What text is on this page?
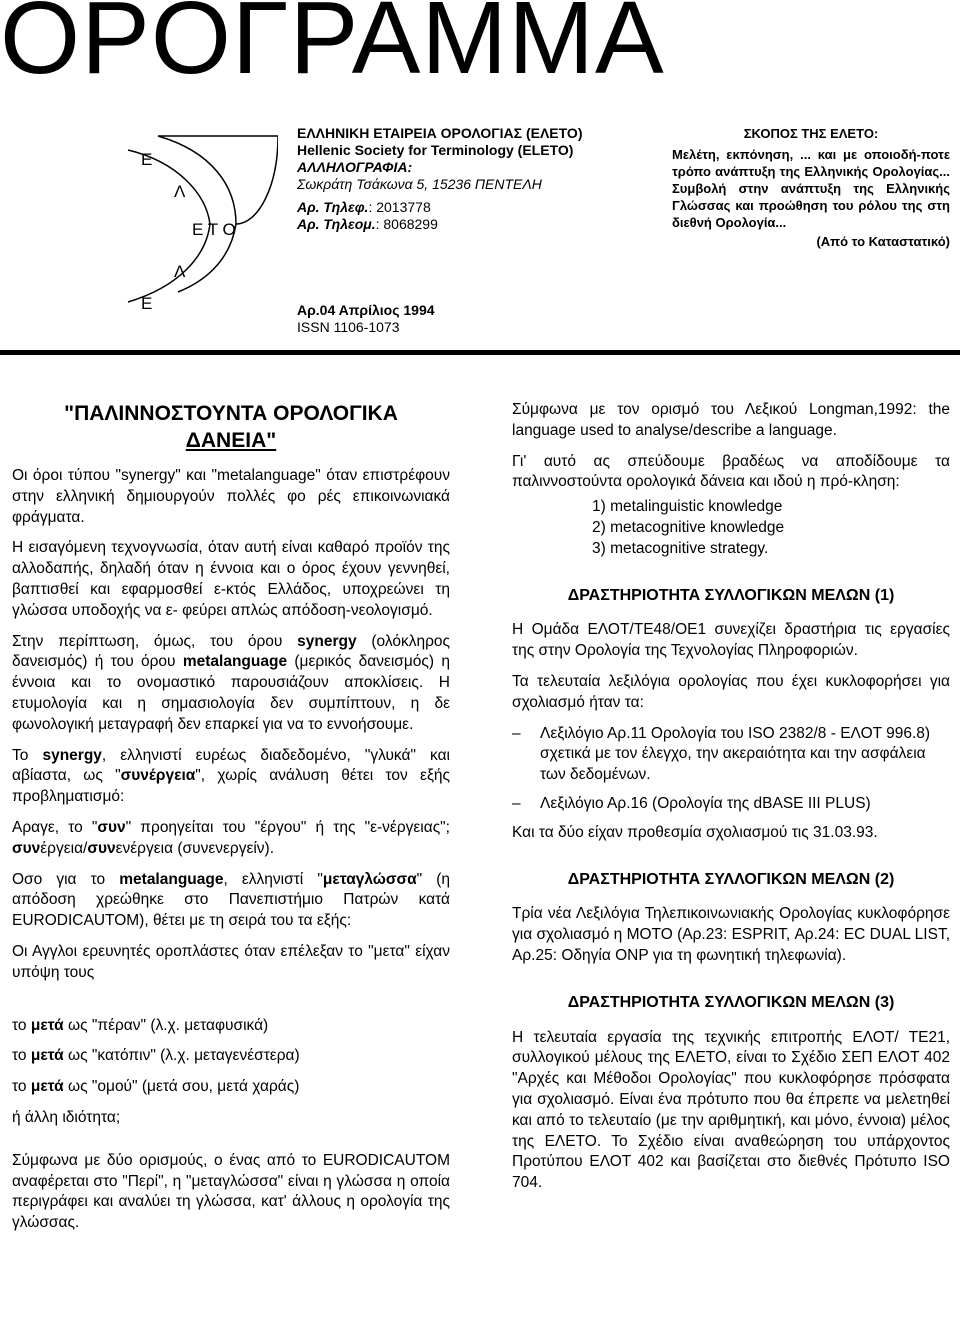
ΟΡΟΓΡΑΜΜΑ
Ε
Λ
Ε Τ Ο
Λ
Ε
ΕΛΛΗΝΙΚΗ ΕΤΑΙΡΕΙΑ ΟΡΟΛΟΓΙΑΣ (ΕΛΕΤΟ)
Hellenic Society for Terminology (ELETO)
ΑΛΛΗΛΟΓΡΑΦΙΑ:
Σωκράτη Τσάκωνα 5, 15236 ΠΕΝΤΕΛΗ
Αρ. Τηλεφ.: 2013778
Αρ. Τηλεομ.: 8068299
ΣΚΟΠΟΣ ΤΗΣ ΕΛΕΤΟ:
Μελέτη, εκπόνηση, ... και με οποιοδή-ποτε τρόπο ανάπτυξη της Ελληνικής Ορολογίας... Συμβολή στην ανάπτυξη της Ελληνικής Γλώσσας και προώθηση του ρόλου της στη διεθνή Ορολογία...
(Από το Καταστατικό)
Αρ.04 Απρίλιος 1994
ISSN 1106-1073
"ΠΑΛΙΝΝΟΣΤΟΥΝΤΑ ΟΡΟΛΟΓΙΚΑ
ΔΑΝΕΙΑ"

Οι όροι τύπου "synergy" και "metalanguage" όταν επιστρέφουν στην ελληνική δημιουργούν πολλές φο ρές επικοινωνιακά φράγματα.

Η εισαγόμενη τεχνογνωσία, όταν αυτή είναι καθαρό προϊόν της αλλοδαπής, δηλαδή όταν η έννοια και ο όρος έχουν γεννηθεί, βαπτισθεί και εφαρμοσθεί ε-κτός Ελλάδος, υποχρεώνει τη γλώσσα υποδοχής να ε- φεύρει απλώς απόδοση-νεολογισμό.

Στην περίπτωση, όμως, του όρου synergy (ολόκληρος δανεισμός) ή του όρου metalanguage (μερικός δανεισμός) η έννοια και το ονομαστικό παρουσιάζουν αποκλίσεις. Η ετυμολογία και η σημασιολογία δεν συμπίπτουν, η δε φωνολογική μεταγραφή δεν επαρκεί για να το εννοήσουμε.

Το synergy, ελληνιστί ευρέως διαδεδομένο, "γλυκά" και αβίαστα, ως "συνέργεια", χωρίς ανάλυση θέτει τον εξής προβληματισμό:

Αραγε, το "συν" προηγείται του "έργου" ή της "ε-νέργειας"; συνέργεια/συνενέργεια (συνενεργείν).

Οσο για το metalanguage, ελληνιστί "μεταγλώσσα" (η απόδοση χρεώθηκε στο Πανεπιστήμιο Πατρών κατά EURODICAUTOM), θέτει με τη σειρά του τα εξής:

Οι Αγγλοι ερευνητές οροπλάστες όταν επέλεξαν το "μετα" είχαν υπόψη τους

το μετά ως "πέραν" (λ.χ. μεταφυσικά)

το μετά ως "κατόπιν" (λ.χ. μεταγενέστερα)

το μετά ως "ομού" (μετά σου, μετά χαράς)

ή άλλη ιδιότητα;

Σύμφωνα με δύο ορισμούς, ο ένας από το EURODICAUTOM αναφέρεται στο "Περί", η "μεταγλώσσα" είναι η γλώσσα η οποία περιγράφει και αναλύει τη γλώσσα, κατ' άλλους η ορολογία της γλώσσας.

Σύμφωνα με τον ορισμό του Λεξικού Longman,1992: the language used to analyse/describe a language.

Γι' αυτό ας σπεύδουμε βραδέως να αποδίδουμε τα παλιννοστούντα ορολογικά δάνεια και ιδού η πρό-κληση:

1) metalinguistic knowledge
2) metacognitive knowledge
3) metacognitive strategy.
ΔΡΑΣΤΗΡΙΟΤΗΤΑ ΣΥΛΛΟΓΙΚΩΝ ΜΕΛΩΝ (1)

Η Ομάδα ΕΛΟΤ/ΤΕ48/ΟΕ1 συνεχίζει δραστήρια τις εργασίες της στην Ορολογία της Τεχνολογίας Πληροφοριών.

Τα τελευταία λεξιλόγια ορολογίας που έχει κυκλοφορήσει για σχολιασμό ήταν τα:

– Λεξιλόγιο Αρ.11 Ορολογία του ISO 2382/8 - ΕΛΟΤ 996.8) σχετικά με τον έλεγχο, την ακεραιότητα και την ασφάλεια των δεδομένων.
– Λεξιλόγιο Αρ.16 (Ορολογία της dBASE III PLUS)

Και τα δύο είχαν προθεσμία σχολιασμού τις 31.03.93.

ΔΡΑΣΤΗΡΙΟΤΗΤΑ ΣΥΛΛΟΓΙΚΩΝ ΜΕΛΩΝ (2)

Τρία νέα Λεξιλόγια Τηλεπικοινωνιακής Ορολογίας κυκλοφόρησε για σχολιασμό η ΜΟΤΟ (Αρ.23: ESPRIT, Αρ.24: EC DUAL LIST, Αρ.25: Οδηγία ONP για τη φωνητική τηλεφωνία).

ΔΡΑΣΤΗΡΙΟΤΗΤΑ ΣΥΛΛΟΓΙΚΩΝ ΜΕΛΩΝ (3)

Η τελευταία εργασία της τεχνικής επιτροπής ΕΛΟΤ/ ΤΕ21, συλλογικού μέλους της ΕΛΕΤΟ, είναι το Σχέδιο ΣΕΠ ΕΛΟΤ 402 "Αρχές και Μέθοδοι Ορολογίας" που κυκλοφόρησε πρόσφατα για σχολιασμό. Είναι ένα πρότυπο που θα έπρεπε να μελετηθεί και από το τελευταίο (με την αριθμητική, και μόνο, έννοια) μέλος της ΕΛΕΤΟ. Το Σχέδιο είναι αναθεώρηση του υπάρχοντος Προτύπου ΕΛΟΤ 402 και βασίζεται στο διεθνές Πρότυπο ISO 704.
